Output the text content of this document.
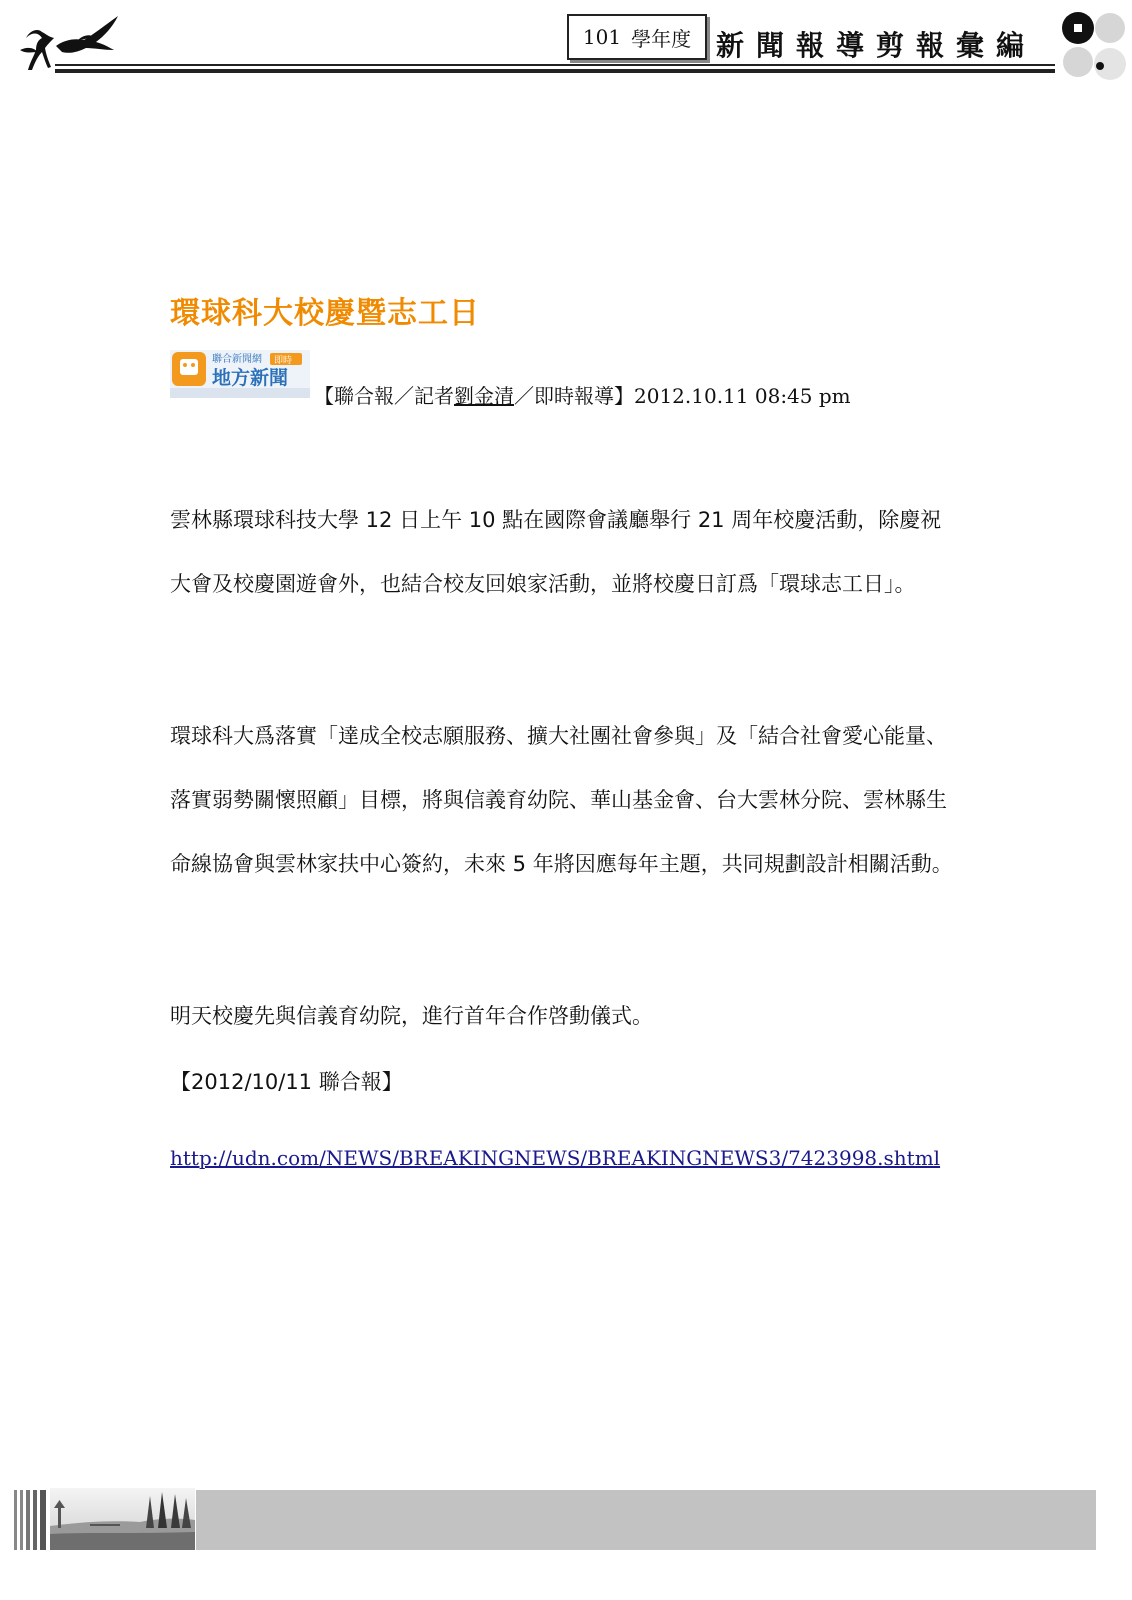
101 學年度 新聞報導剪報彙編
環球科大校慶暨志工日
聯合新聞網 即時
地方新聞
【聯合報／記者劉金清／即時報導】2012.10.11 08:45 pm

雲林縣環球科技大學 12 日上午 10 點在國際會議廳舉行 21 周年校慶活動，除慶祝大會及校慶園遊會外，也結合校友回娘家活動，並將校慶日訂爲「環球志工日」。

環球科大爲落實「達成全校志願服務、擴大社團社會參與」及「結合社會愛心能量、落實弱勢關懷照顧」目標，將與信義育幼院、華山基金會、台大雲林分院、雲林縣生命線協會與雲林家扶中心簽約，未來 5 年將因應每年主題，共同規劃設計相關活動。

明天校慶先與信義育幼院，進行首年合作啓動儀式。

【2012/10/11 聯合報】

http://udn.com/NEWS/BREAKINGNEWS/BREAKINGNEWS3/7423998.shtml
